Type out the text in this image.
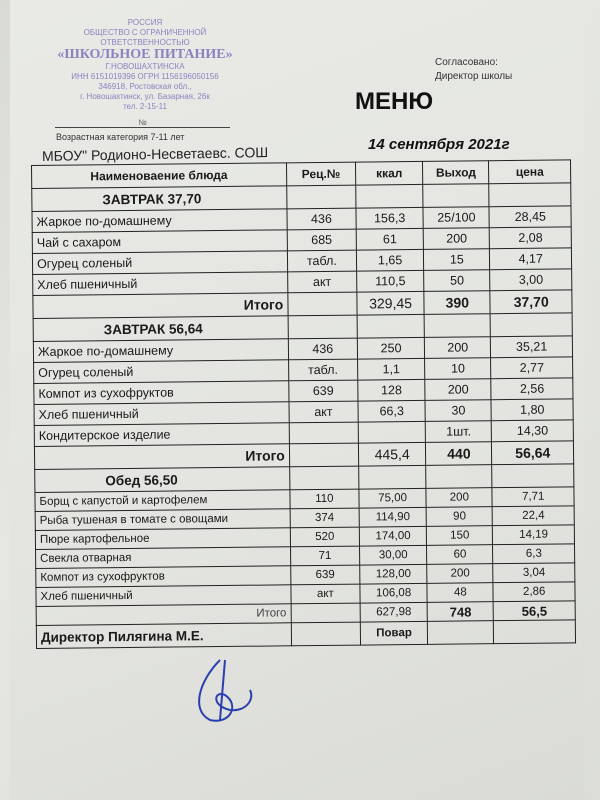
РОССИЯ
ОБЩЕСТВО С ОГРАНИЧЕННОЙ
ОТВЕТСТВЕННОСТЬЮ
«ШКОЛЬНОЕ ПИТАНИЕ»
Г.НОВОШАХТИНСКА
ИНН 6151019396 ОГРН 1156196050156
346918, Ростовская обл.,
г. Новошахтинск, ул. Базарная, 26к
тел. 2-15-11
Согласовано:
Директор школы
МЕНЮ
№
Возрастная категория 7-11 лет
МБОУ" Родионо-Несветаевс. СОШ	14 сентября 2021г
Наименоваение блюда	Рец.№	ккал	Выход	цена
ЗАВТРАК 37,70				
Жаркое по-домашнему	436	156,3	25/100	28,45
Чай с сахаром	685	61	200	2,08
Огурец соленый	табл.	1,65	15	4,17
Хлеб пшеничный	акт	110,5	50	3,00
Итого		329,45	390	37,70
ЗАВТРАК 56,64				
Жаркое по-домашнему	436	250	200	35,21
Огурец соленый	табл.	1,1	10	2,77
Компот из сухофруктов	639	128	200	2,56
Хлеб пшеничный	акт	66,3	30	1,80
Кондитерское изделие			1шт.	14,30
Итого		445,4	440	56,64
Обед 56,50				
Борщ с капустой и картофелем	110	75,00	200	7,71
Рыба тушеная в томате с овощами	374	114,90	90	22,4
Пюре картофельное	520	174,00	150	14,19
Свекла отварная	71	30,00	60	6,3
Компот из сухофруктов	639	128,00	200	3,04
Хлеб пшеничный	акт	106,08	48	2,86
Итого		627,98	748	56,5
Директор Пилягина М.Е.		Повар		
